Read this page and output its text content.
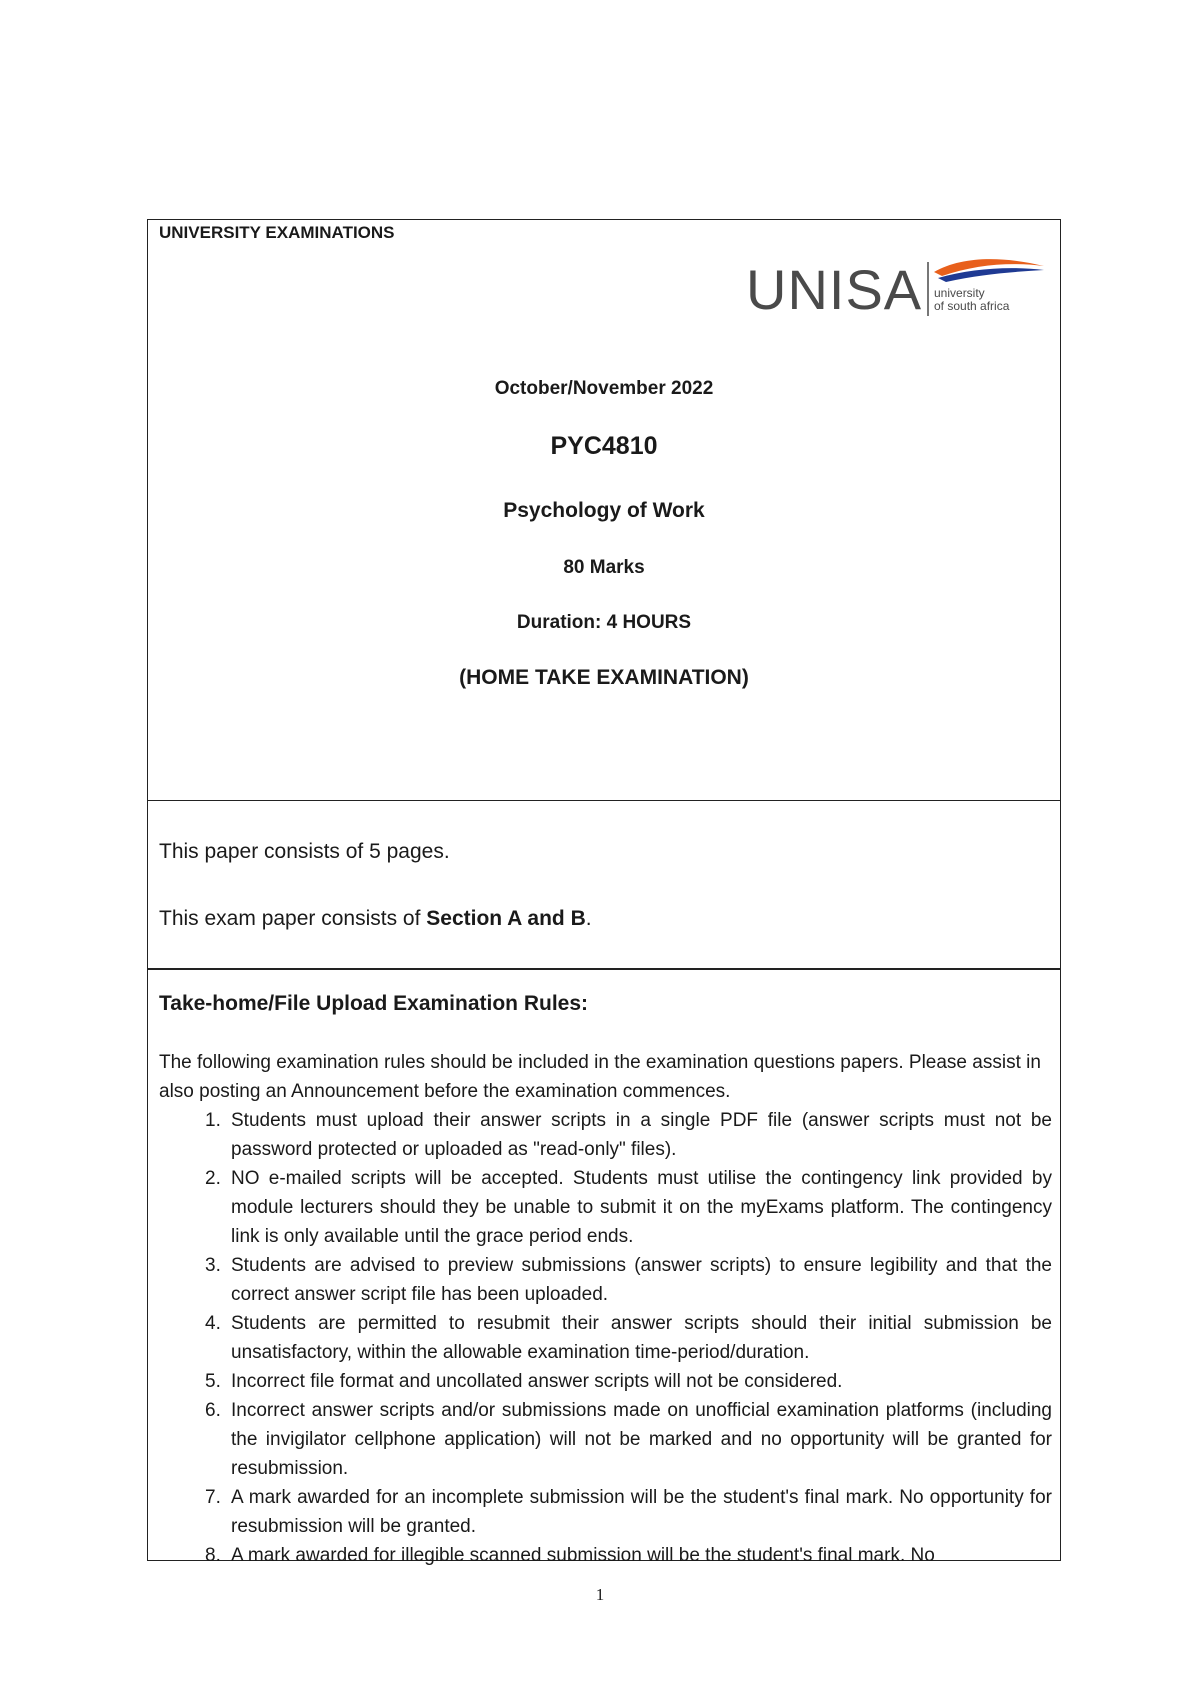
UNIVERSITY EXAMINATIONS
UNISA university
of south africa
October/November 2022
PYC4810
Psychology of Work
80 Marks
Duration: 4 HOURS
(HOME TAKE EXAMINATION)
This paper consists of 5 pages.
This exam paper consists of Section A and B.
Take-home/File Upload Examination Rules:
The following examination rules should be included in the examination questions papers. Please assist in also posting an Announcement before the examination commences.
1. Students must upload their answer scripts in a single PDF file (answer scripts must not be password protected or uploaded as "read-only" files).
2. NO e-mailed scripts will be accepted. Students must utilise the contingency link provided by module lecturers should they be unable to submit it on the myExams platform. The contingency link is only available until the grace period ends.
3. Students are advised to preview submissions (answer scripts) to ensure legibility and that the correct answer script file has been uploaded.
4. Students are permitted to resubmit their answer scripts should their initial submission be unsatisfactory, within the allowable examination time-period/duration.
5. Incorrect file format and uncollated answer scripts will not be considered.
6. Incorrect answer scripts and/or submissions made on unofficial examination platforms (including the invigilator cellphone application) will not be marked and no opportunity will be granted for resubmission.
7. A mark awarded for an incomplete submission will be the student's final mark. No opportunity for resubmission will be granted.
8. A mark awarded for illegible scanned submission will be the student's final mark. No
1
